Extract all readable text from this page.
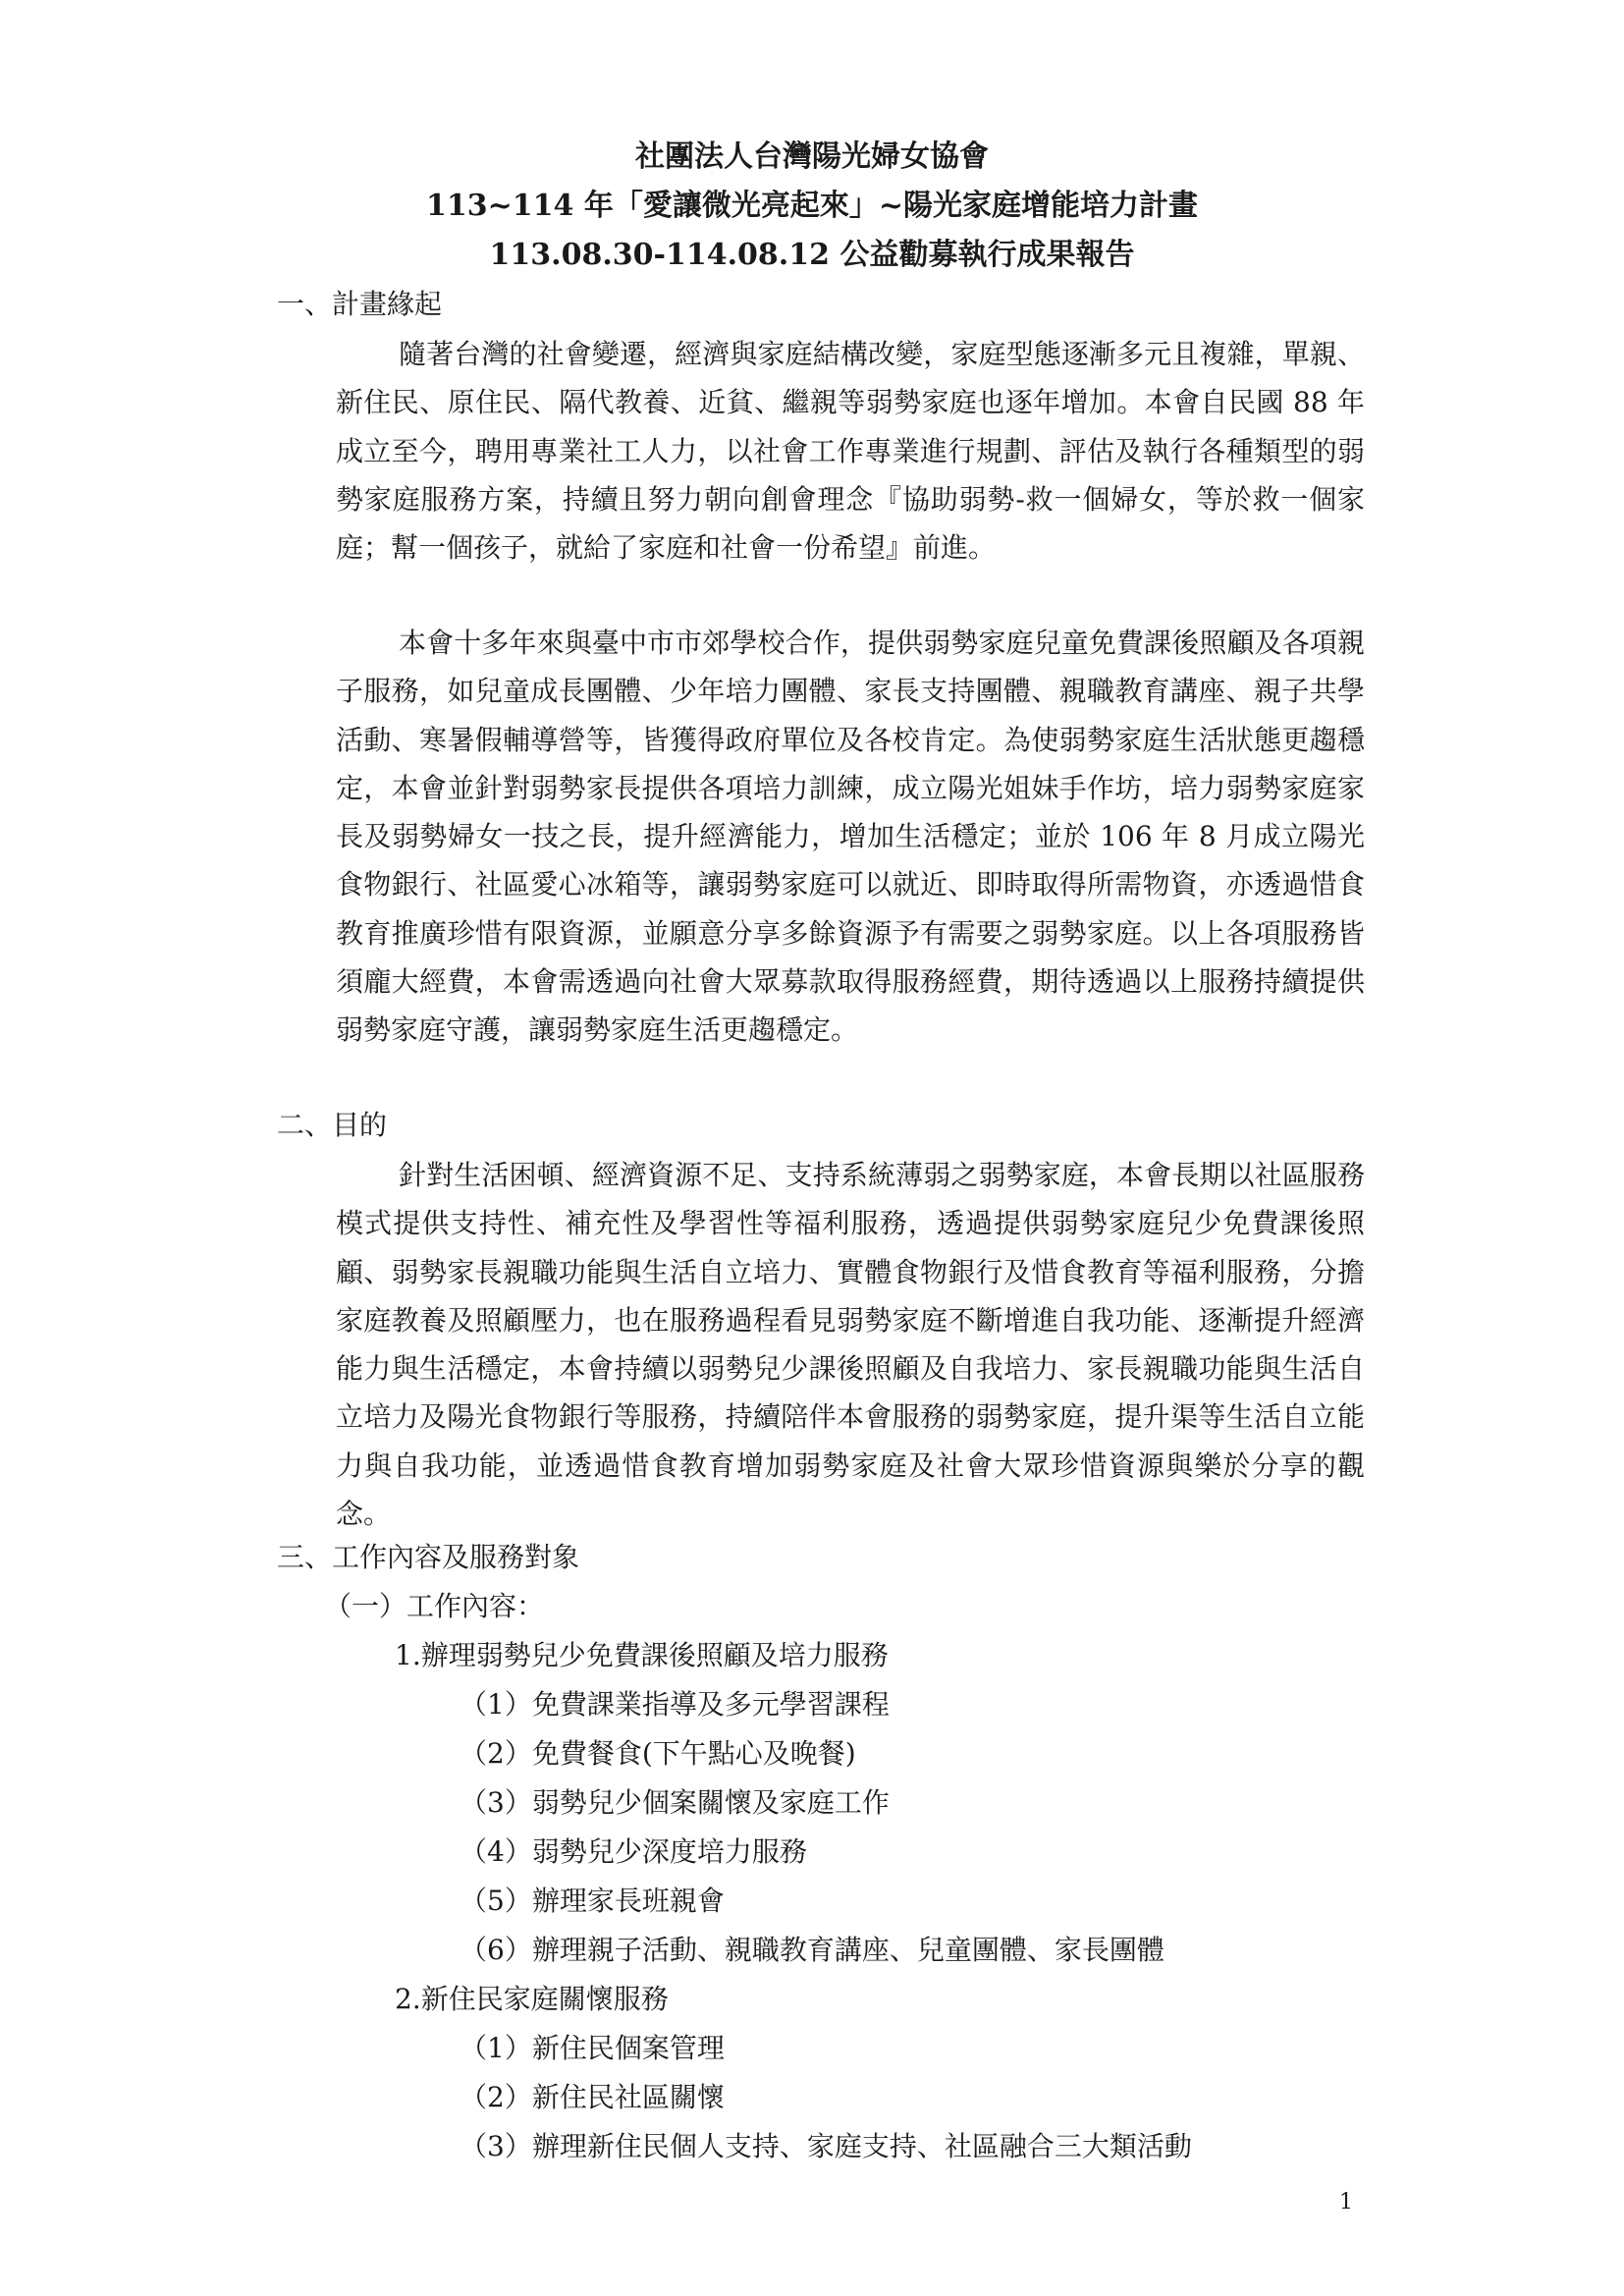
社團法人台灣陽光婦女協會
113~114 年「愛讓微光亮起來」~陽光家庭增能培力計畫
113.08.30-114.08.12 公益勸募執行成果報告
一、計畫緣起
隨著台灣的社會變遷，經濟與家庭結構改變，家庭型態逐漸多元且複雜，單親、新住民、原住民、隔代教養、近貧、繼親等弱勢家庭也逐年增加。本會自民國 88 年成立至今，聘用專業社工人力，以社會工作專業進行規劃、評估及執行各種類型的弱勢家庭服務方案，持續且努力朝向創會理念『協助弱勢-救一個婦女，等於救一個家庭；幫一個孩子，就給了家庭和社會一份希望』前進。
本會十多年來與臺中市市郊學校合作，提供弱勢家庭兒童免費課後照顧及各項親子服務，如兒童成長團體、少年培力團體、家長支持團體、親職教育講座、親子共學活動、寒暑假輔導營等，皆獲得政府單位及各校肯定。為使弱勢家庭生活狀態更趨穩定，本會並針對弱勢家長提供各項培力訓練，成立陽光姐妹手作坊，培力弱勢家庭家長及弱勢婦女一技之長，提升經濟能力，增加生活穩定；並於 106 年 8 月成立陽光食物銀行、社區愛心冰箱等，讓弱勢家庭可以就近、即時取得所需物資，亦透過惜食教育推廣珍惜有限資源，並願意分享多餘資源予有需要之弱勢家庭。以上各項服務皆須龐大經費，本會需透過向社會大眾募款取得服務經費，期待透過以上服務持續提供弱勢家庭守護，讓弱勢家庭生活更趨穩定。
二、目的
針對生活困頓、經濟資源不足、支持系統薄弱之弱勢家庭，本會長期以社區服務模式提供支持性、補充性及學習性等福利服務，透過提供弱勢家庭兒少免費課後照顧、弱勢家長親職功能與生活自立培力、實體食物銀行及惜食教育等福利服務，分擔家庭教養及照顧壓力，也在服務過程看見弱勢家庭不斷增進自我功能、逐漸提升經濟能力與生活穩定，本會持續以弱勢兒少課後照顧及自我培力、家長親職功能與生活自立培力及陽光食物銀行等服務，持續陪伴本會服務的弱勢家庭，提升渠等生活自立能力與自我功能，並透過惜食教育增加弱勢家庭及社會大眾珍惜資源與樂於分享的觀念。
三、工作內容及服務對象
（一）工作內容：
1.辦理弱勢兒少免費課後照顧及培力服務
（1）免費課業指導及多元學習課程
（2）免費餐食(下午點心及晚餐)
（3）弱勢兒少個案關懷及家庭工作
（4）弱勢兒少深度培力服務
（5）辦理家長班親會
（6）辦理親子活動、親職教育講座、兒童團體、家長團體
2.新住民家庭關懷服務
（1）新住民個案管理
（2）新住民社區關懷
（3）辦理新住民個人支持、家庭支持、社區融合三大類活動
1
